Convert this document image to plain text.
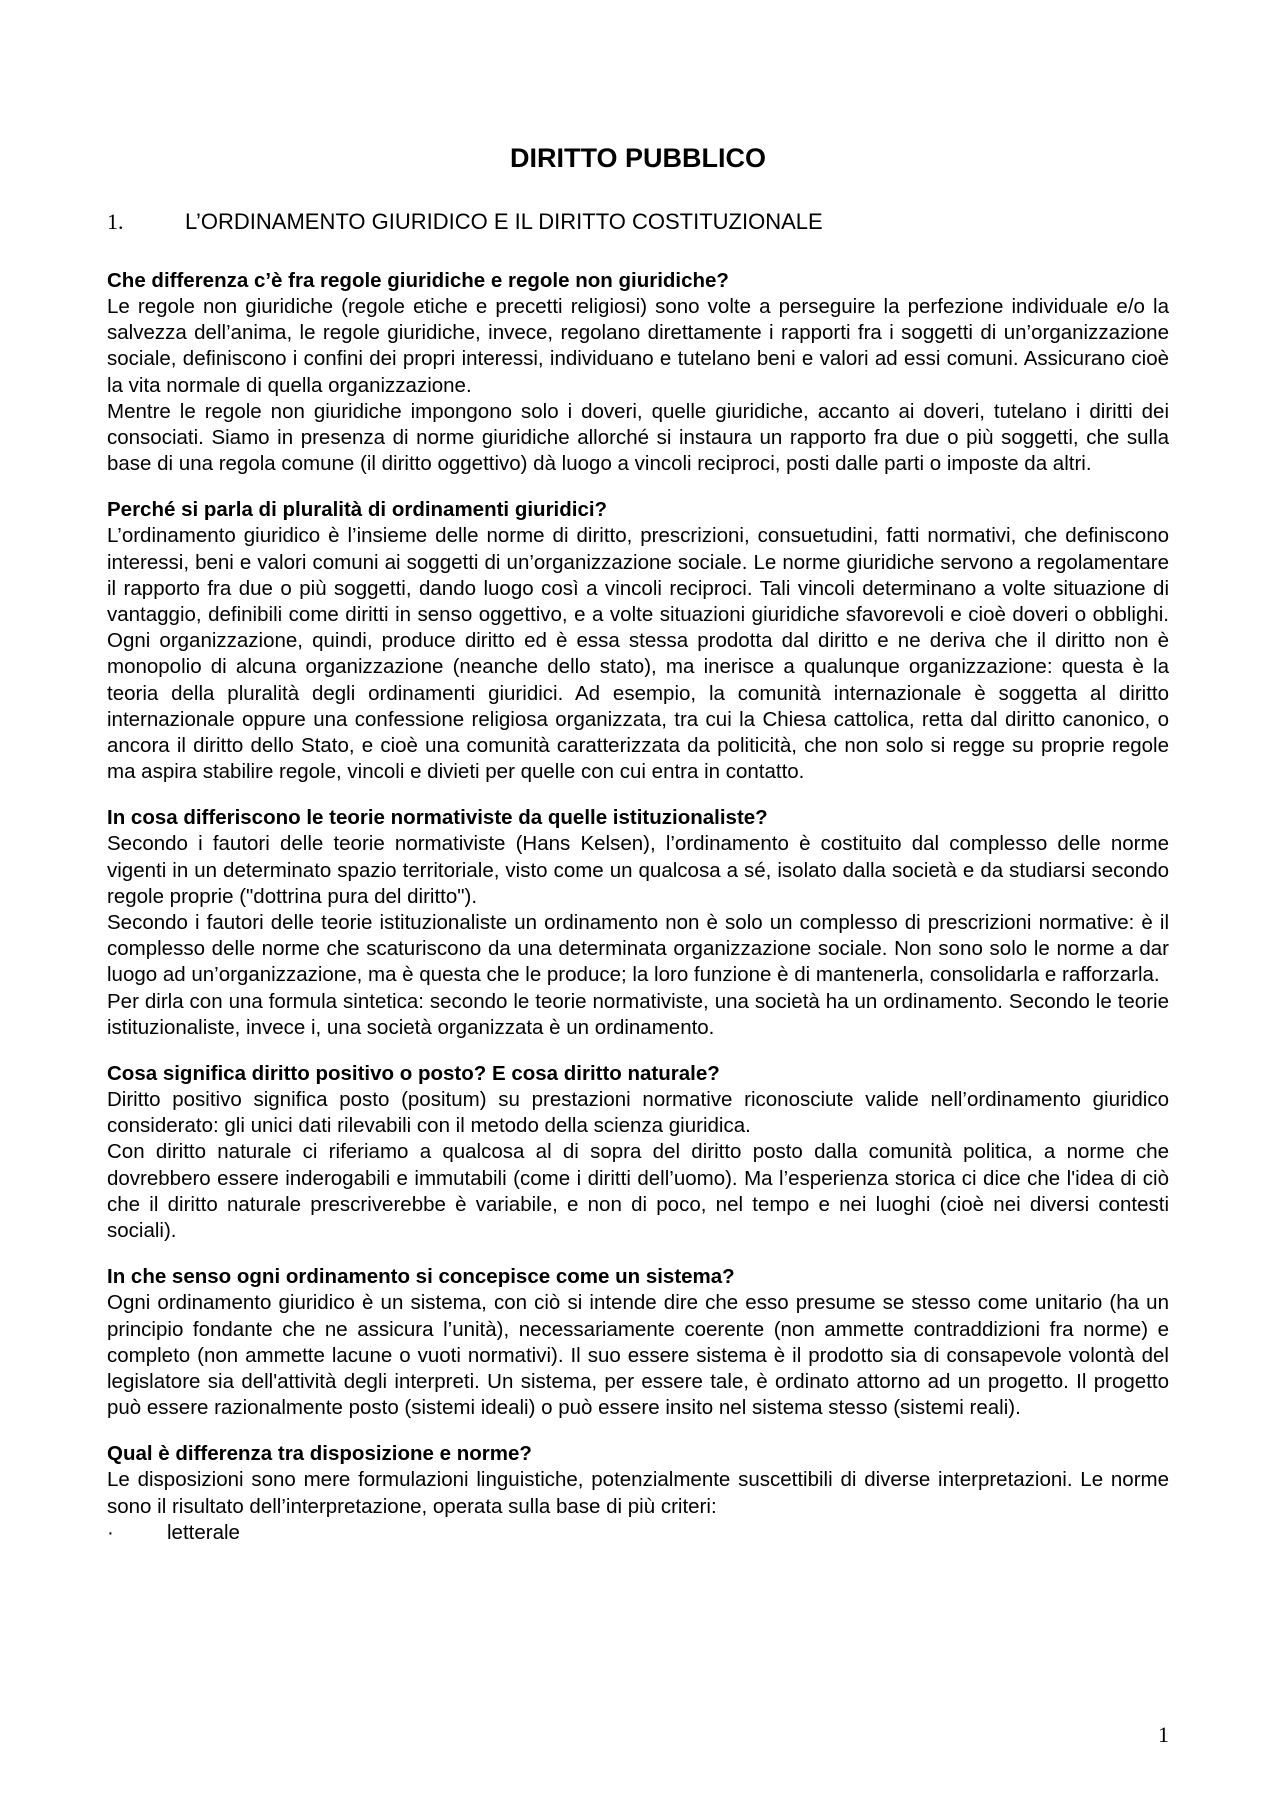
DIRITTO PUBBLICO

1.	L’ORDINAMENTO GIURIDICO E IL DIRITTO COSTITUZIONALE

Che differenza c’è fra regole giuridiche e regole non giuridiche?

Le regole non giuridiche (regole etiche e precetti religiosi) sono volte a perseguire la perfezione individuale e/o la salvezza dell’anima, le regole giuridiche, invece, regolano direttamente i rapporti fra i soggetti di un’organizzazione sociale, definiscono i confini dei propri interessi, individuano e tutelano beni e valori ad essi comuni. Assicurano cioè la vita normale di quella organizzazione.

Mentre le regole non giuridiche impongono solo i doveri, quelle giuridiche, accanto ai doveri, tutelano i diritti dei consociati. Siamo in presenza di norme giuridiche allorché si instaura un rapporto fra due o più soggetti, che sulla base di una regola comune (il diritto oggettivo) dà luogo a vincoli reciproci, posti dalle parti o imposte da altri.

Perché si parla di pluralità di ordinamenti giuridici?

L’ordinamento giuridico è l’insieme delle norme di diritto, prescrizioni, consuetudini, fatti normativi, che definiscono interessi, beni e valori comuni ai soggetti di un’organizzazione sociale. Le norme giuridiche servono a regolamentare il rapporto fra due o più soggetti, dando luogo così a vincoli reciproci. Tali vincoli determinano a volte situazione di vantaggio, definibili come diritti in senso oggettivo, e a volte situazioni giuridiche sfavorevoli e cioè doveri o obblighi. Ogni organizzazione, quindi, produce diritto ed è essa stessa prodotta dal diritto e ne deriva che il diritto non è monopolio di alcuna organizzazione (neanche dello stato), ma inerisce a qualunque organizzazione: questa è la teoria della pluralità degli ordinamenti giuridici. Ad esempio, la comunità internazionale è soggetta al diritto internazionale oppure una confessione religiosa organizzata, tra cui la Chiesa cattolica, retta dal diritto canonico, o ancora il diritto dello Stato, e cioè una comunità caratterizzata da politicità, che non solo si regge su proprie regole ma aspira stabilire regole, vincoli e divieti per quelle con cui entra in contatto.

In cosa differiscono le teorie normativiste da quelle istituzionaliste?

Secondo i fautori delle teorie normativiste (Hans Kelsen), l’ordinamento è costituito dal complesso delle norme vigenti in un determinato spazio territoriale, visto come un qualcosa a sé, isolato dalla società e da studiarsi secondo regole proprie ("dottrina pura del diritto").

Secondo i fautori delle teorie istituzionaliste un ordinamento non è solo un complesso di prescrizioni normative: è il complesso delle norme che scaturiscono da una determinata organizzazione sociale. Non sono solo le norme a dar luogo ad un’organizzazione, ma è questa che le produce; la loro funzione è di mantenerla, consolidarla e rafforzarla.

Per dirla con una formula sintetica: secondo le teorie normativiste, una società ha un ordinamento. Secondo le teorie istituzionaliste, invece i, una società organizzata è un ordinamento.

Cosa significa diritto positivo o posto? E cosa diritto naturale?

Diritto positivo significa posto (positum) su prestazioni normative riconosciute valide nell’ordinamento giuridico considerato: gli unici dati rilevabili con il metodo della scienza giuridica.

Con diritto naturale ci riferiamo a qualcosa al di sopra del diritto posto dalla comunità politica, a norme che dovrebbero essere inderogabili e immutabili (come i diritti dell’uomo). Ma l’esperienza storica ci dice che l'idea di ciò che il diritto naturale prescriverebbe è variabile, e non di poco, nel tempo e nei luoghi (cioè nei diversi contesti sociali).

In che senso ogni ordinamento si concepisce come un sistema?

Ogni ordinamento giuridico è un sistema, con ciò si intende dire che esso presume se stesso come unitario (ha un principio fondante che ne assicura l’unità), necessariamente coerente (non ammette contraddizioni fra norme) e completo (non ammette lacune o vuoti normativi). Il suo essere sistema è il prodotto sia di consapevole volontà del legislatore sia dell'attività degli interpreti. Un sistema, per essere tale, è ordinato attorno ad un progetto. Il progetto può essere razionalmente posto (sistemi ideali) o può essere insito nel sistema stesso (sistemi reali).

Qual è differenza tra disposizione e norme?

Le disposizioni sono mere formulazioni linguistiche, potenzialmente suscettibili di diverse interpretazioni. Le norme sono il risultato dell’interpretazione, operata sulla base di più criteri:

·	letterale

1
